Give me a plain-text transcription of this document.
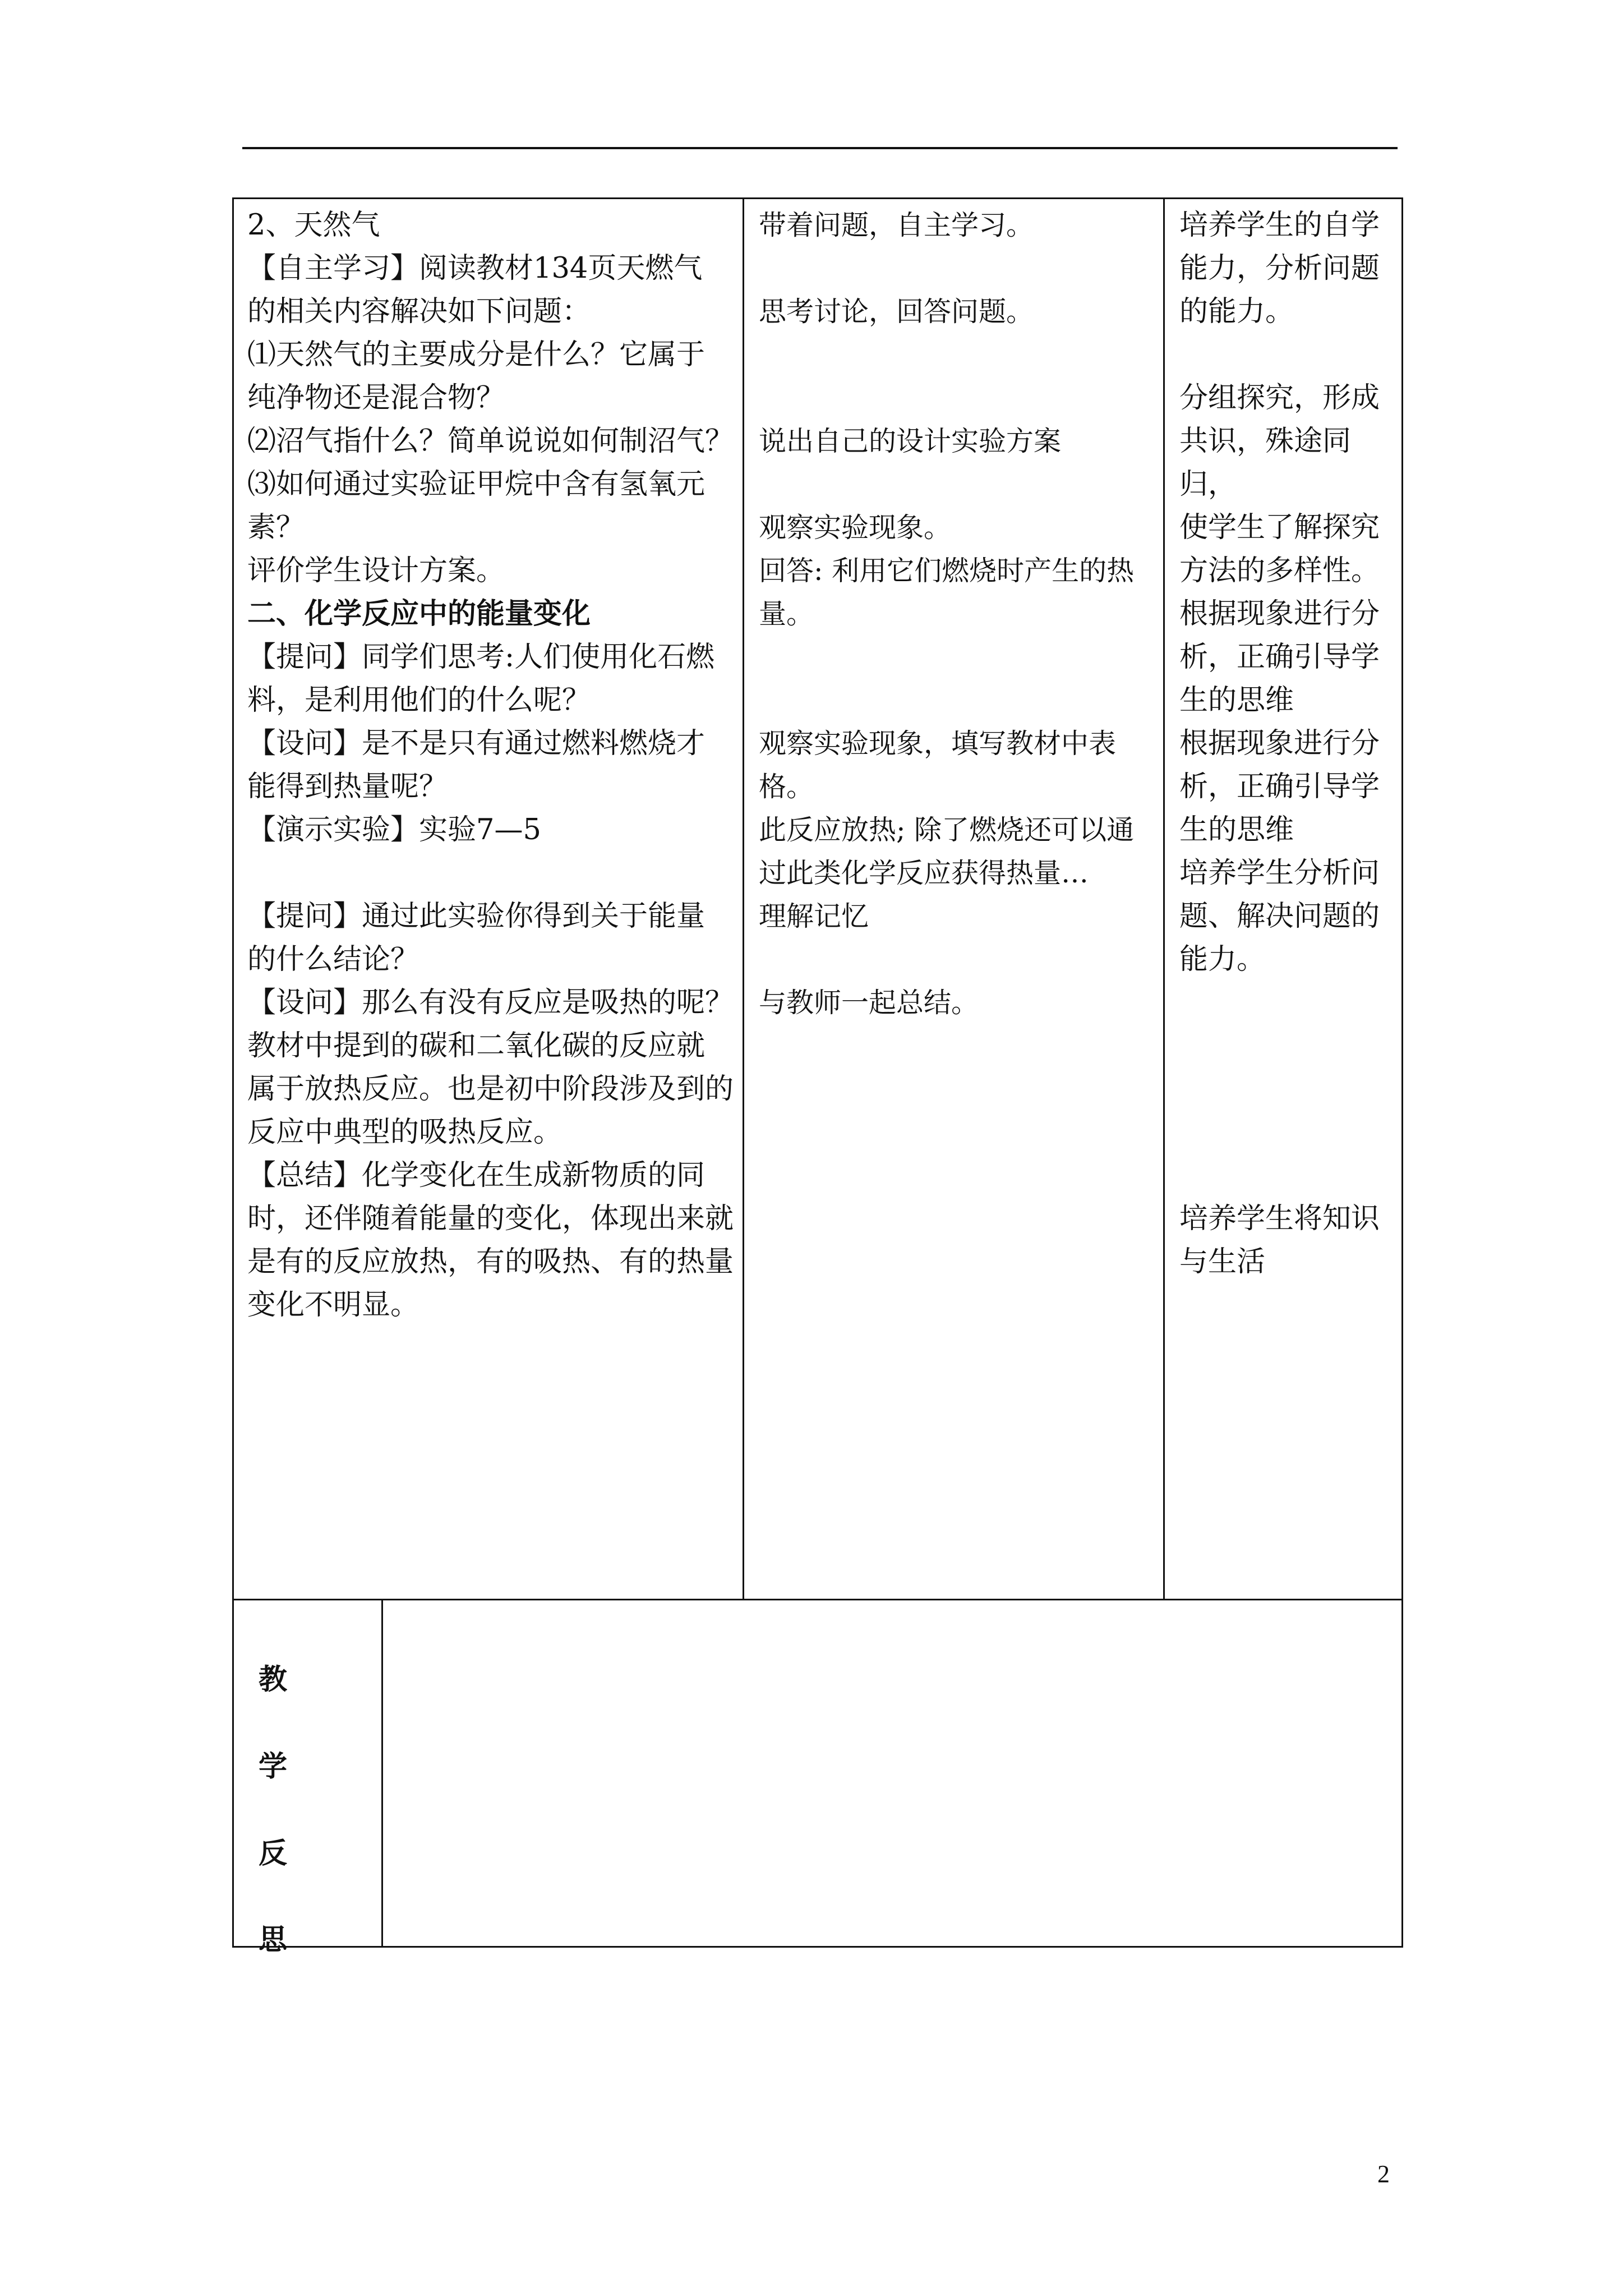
2、天然气

【自主学习】阅读教材134页天燃气

的相关内容解决如下问题：

⑴天然气的主要成分是什么？它属于

纯净物还是混合物？

⑵沼气指什么？简单说说如何制沼气？

⑶如何通过实验证甲烷中含有氢氧元

素？

评价学生设计方案。

二、化学反应中的能量变化

【提问】同学们思考:人们使用化石燃

料，是利用他们的什么呢？

【设问】是不是只有通过燃料燃烧才

能得到热量呢？

【演示实验】实验7—5

【提问】通过此实验你得到关于能量

的什么结论？

【设问】那么有没有反应是吸热的呢？

教材中提到的碳和二氧化碳的反应就

属于放热反应。也是初中阶段涉及到的

反应中典型的吸热反应。

【总结】化学变化在生成新物质的同

时，还伴随着能量的变化，体现出来就

是有的反应放热，有的吸热、有的热量

变化不明显。

带着问题，自主学习。

思考讨论，回答问题。

说出自己的设计实验方案

观察实验现象。

回答: 利用它们燃烧时产生的热

量。

观察实验现象，填写教材中表格。

此反应放热; 除了燃烧还可以通

过此类化学反应获得热量…

理解记忆

与教师一起总结。

培养学生的自学

能力，分析问题

的能力。

分组探究，形成

共识，殊途同归，

使学生了解探究

方法的多样性。

根据现象进行分

析，正确引导学

生的思维

根据现象进行分

析，正确引导学

生的思维

培养学生分析问

题、解决问题的

能力。

培养学生将知识

与生活

教
学
反
思
2
